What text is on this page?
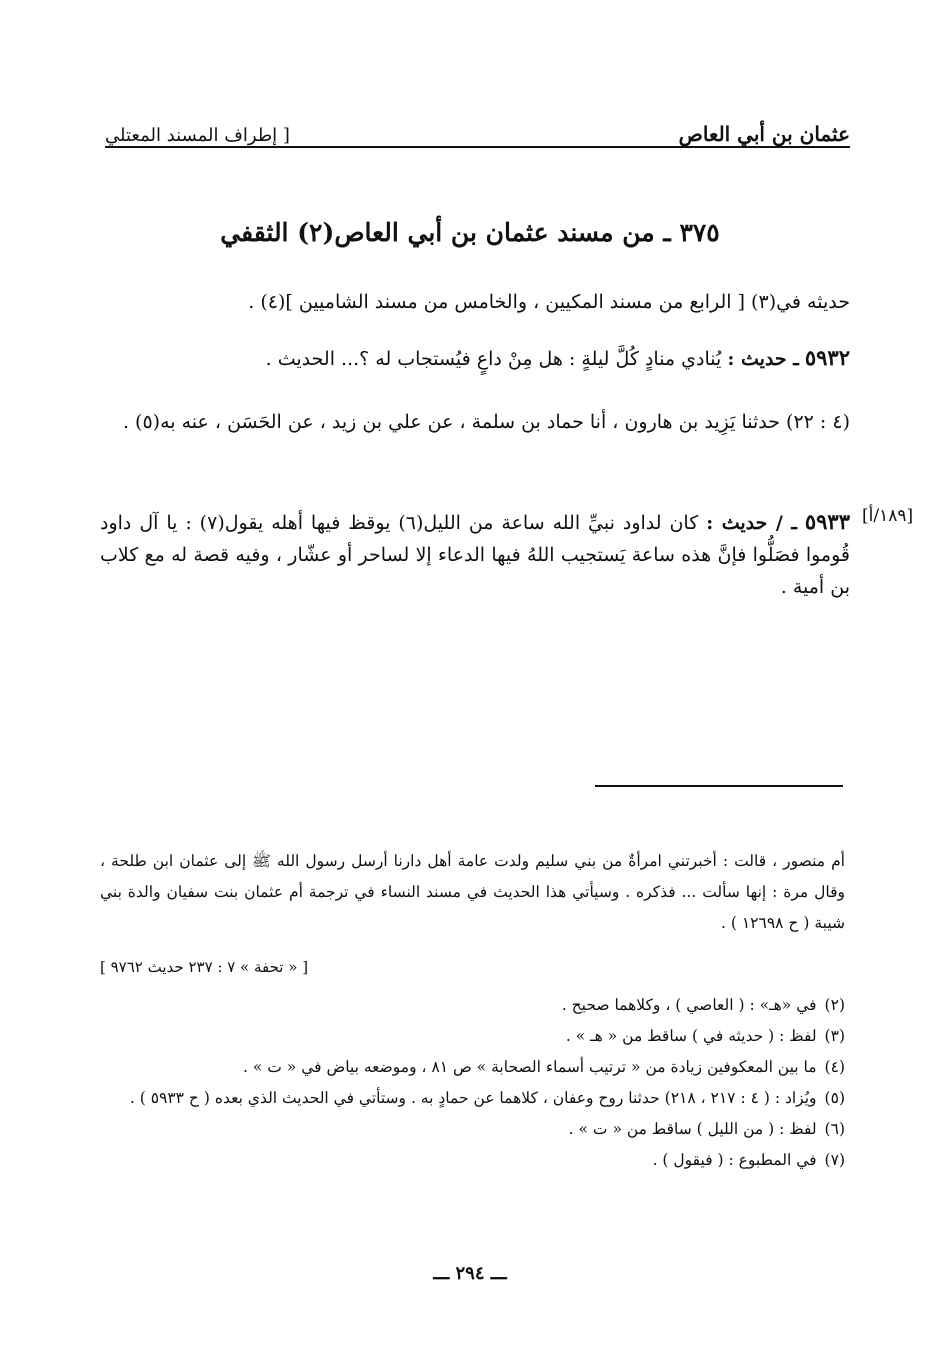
عثمان بن أبي العاص
[ إطراف المسند المعتلي
٣٧٥ ـ من مسند عثمان بن أبي العاص(٢) الثقفي
حديثه في(٣) [ الرابع من مسند المكيين ، والخامس من مسند الشاميين ](٤) .
٥٩٣٢ ـ حديث : يُنادي منادٍ كُلَّ ليلةٍ : هل مِنْ داعٍ فيُستجاب له ؟... الحديث .
(٤ : ٢٢) حدثنا يَزِيد بن هارون ، أنا حماد بن سلمة ، عن علي بن زيد ، عن الحَسَن ، عنه به(٥) .
[١٨٩/أ]
٥٩٣٣ ـ / حديث : كان لداود نبيِّ الله ساعة من الليل(٦) يوقظ فيها أهله يقول(٧) : يا آل داود قُوموا فصَلُّوا فإنَّ هذه ساعة يَستجيب اللهُ فيها الدعاء إلا لساحر أو عشّار ، وفيه قصة له مع كلاب بن أمية .
أم منصور ، قالت : أخبرتني امرأةٌ من بني سليم ولدت عامة أهل دارنا أرسل رسول الله ﷺ إلى عثمان ابن طلحة ، وقال مرة : إنها سألت ... فذكره . وسيأتي هذا الحديث في مسند النساء في ترجمة أم عثمان بنت سفيان والدة بني شيبة ( ح ١٢٦٩٨ ) .
[ « تحفة » ٧ : ٢٣٧ حديث ٩٧٦٢ ]
(٢)
في «هـ» : ( العاصي ) ، وكلاهما صحيح .
(٣)
لفظ : ( حديثه في ) ساقط من « هـ » .
(٤)
ما بين المعكوفين زيادة من « ترتيب أسماء الصحابة » ص ٨١ ، وموضعه بياض في « ت » .
(٥)
ويُزاد : ( ٤ : ٢١٧ ، ٢١٨) حدثنا روح وعفان ، كلاهما عن حمادٍ به . وستأتي في الحديث الذي بعده ( ح ٥٩٣٣ ) .
(٦)
لفظ : ( من الليل ) ساقط من « ت » .
(٧)
في المطبوع : ( فيقول ) .
ـــ ٢٩٤ ـــ
